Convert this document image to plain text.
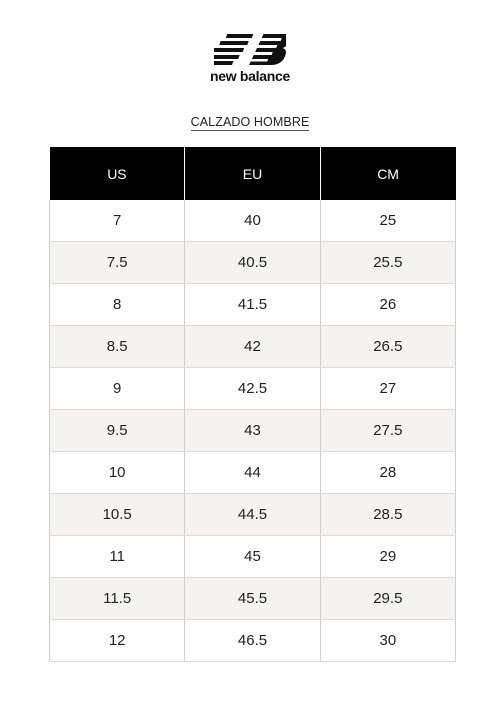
new balance
CALZADO HOMBRE
US	EU	CM
7	40	25
7.5	40.5	25.5
8	41.5	26
8.5	42	26.5
9	42.5	27
9.5	43	27.5
10	44	28
10.5	44.5	28.5
11	45	29
11.5	45.5	29.5
12	46.5	30
